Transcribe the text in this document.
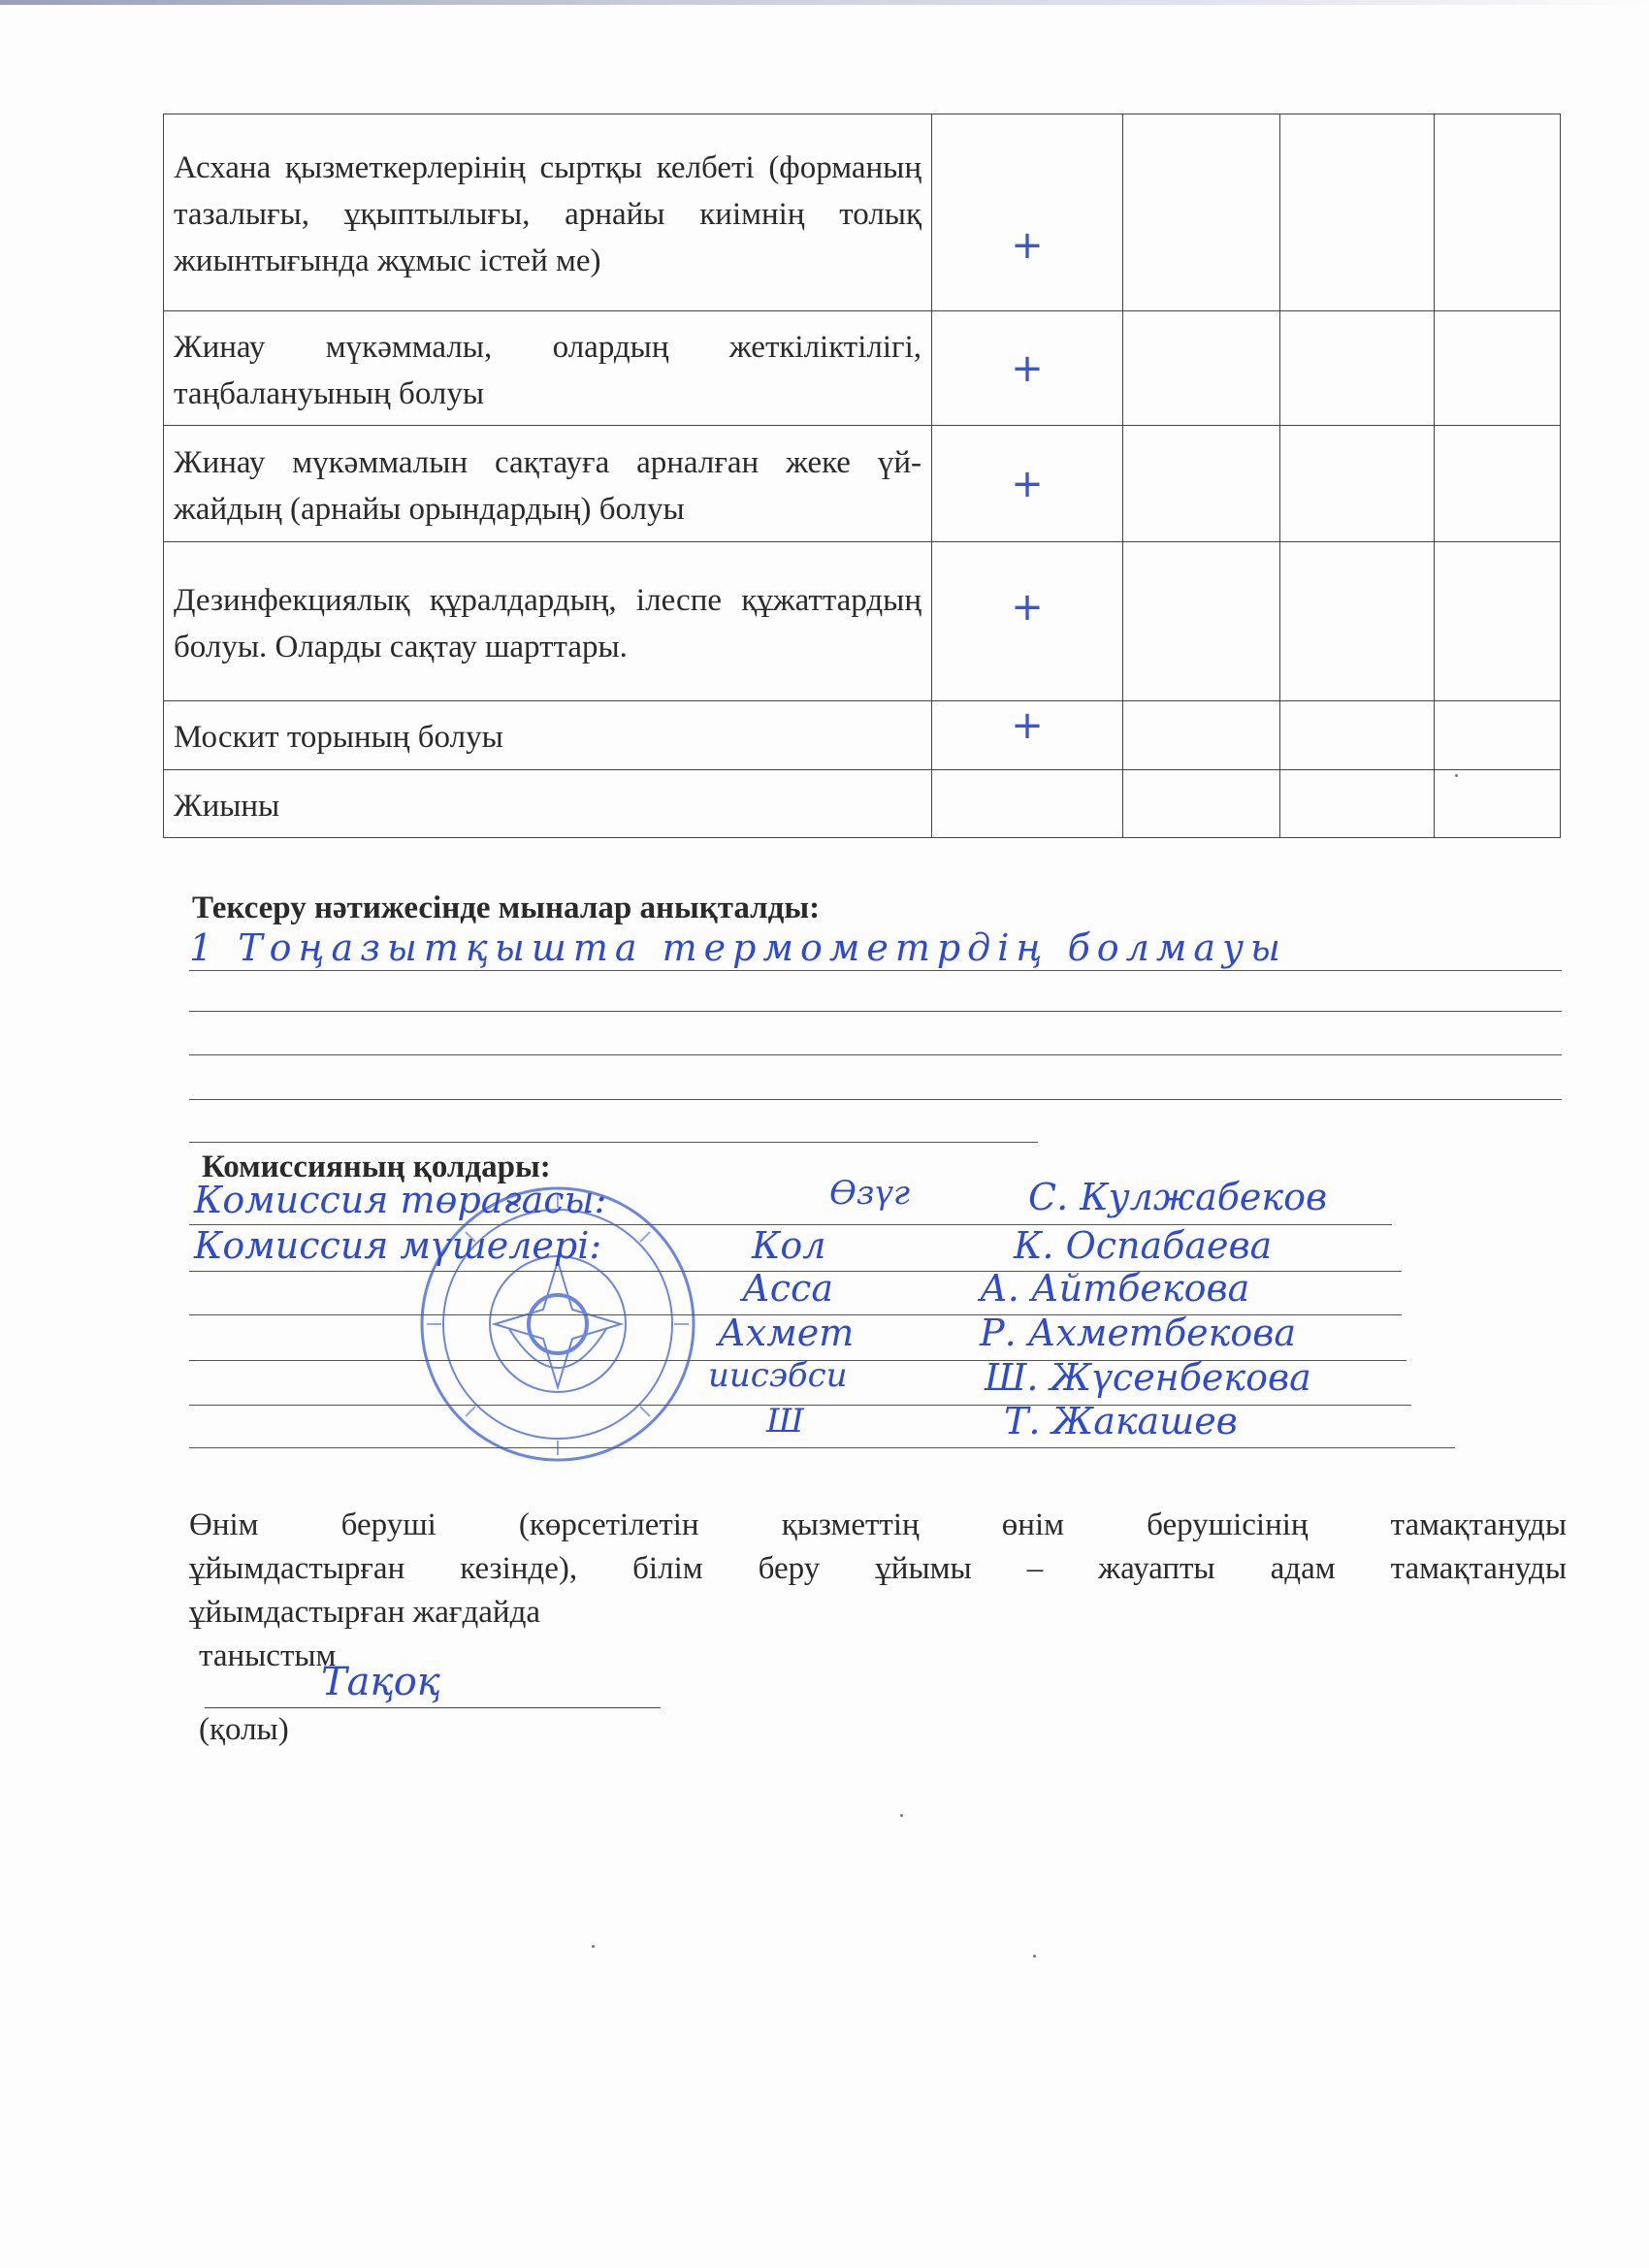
Асхана қызметкерлерінің сыртқы келбеті (форманың тазалығы, ұқыптылығы, арнайы киімнің толық жиынтығында жұмыс істей ме)	+			

Жинау мүкәммалы, олардың жеткіліктілігі, таңбалануының болуы	+			

Жинау мүкәммалын сақтауға арналған жеке үй-жайдың (арнайы орындардың) болуы	+			

Дезинфекциялық құралдардың, ілеспе құжаттардың болуы. Оларды сақтау шарттары.	+			

Москит торының болуы	+			

Жиыны	

Тексеру нәтижесінде мыналар анықталды:
1 Тоңазытқышта термометрдің болмауы
Комиссияның қолдары:
Комиссия төрағасы:	Өзүг	С. Кулжабеков
Комиссия мүшелері:	Кол	К. Оспабаева
Асса	А. Айтбекова
Ахмет	Р. Ахметбекова
иисэбси	Ш. Жүсенбекова
Ш	Т. Жакашев
Өнім беруші (көрсетілетін қызметтің өнім берушісінің тамақтануды
ұйымдастырған кезінде), білім беру ұйымы – жауапты адам тамақтануды
ұйымдастырған жағдайда
таныстым
Тақоқ
(қолы)
